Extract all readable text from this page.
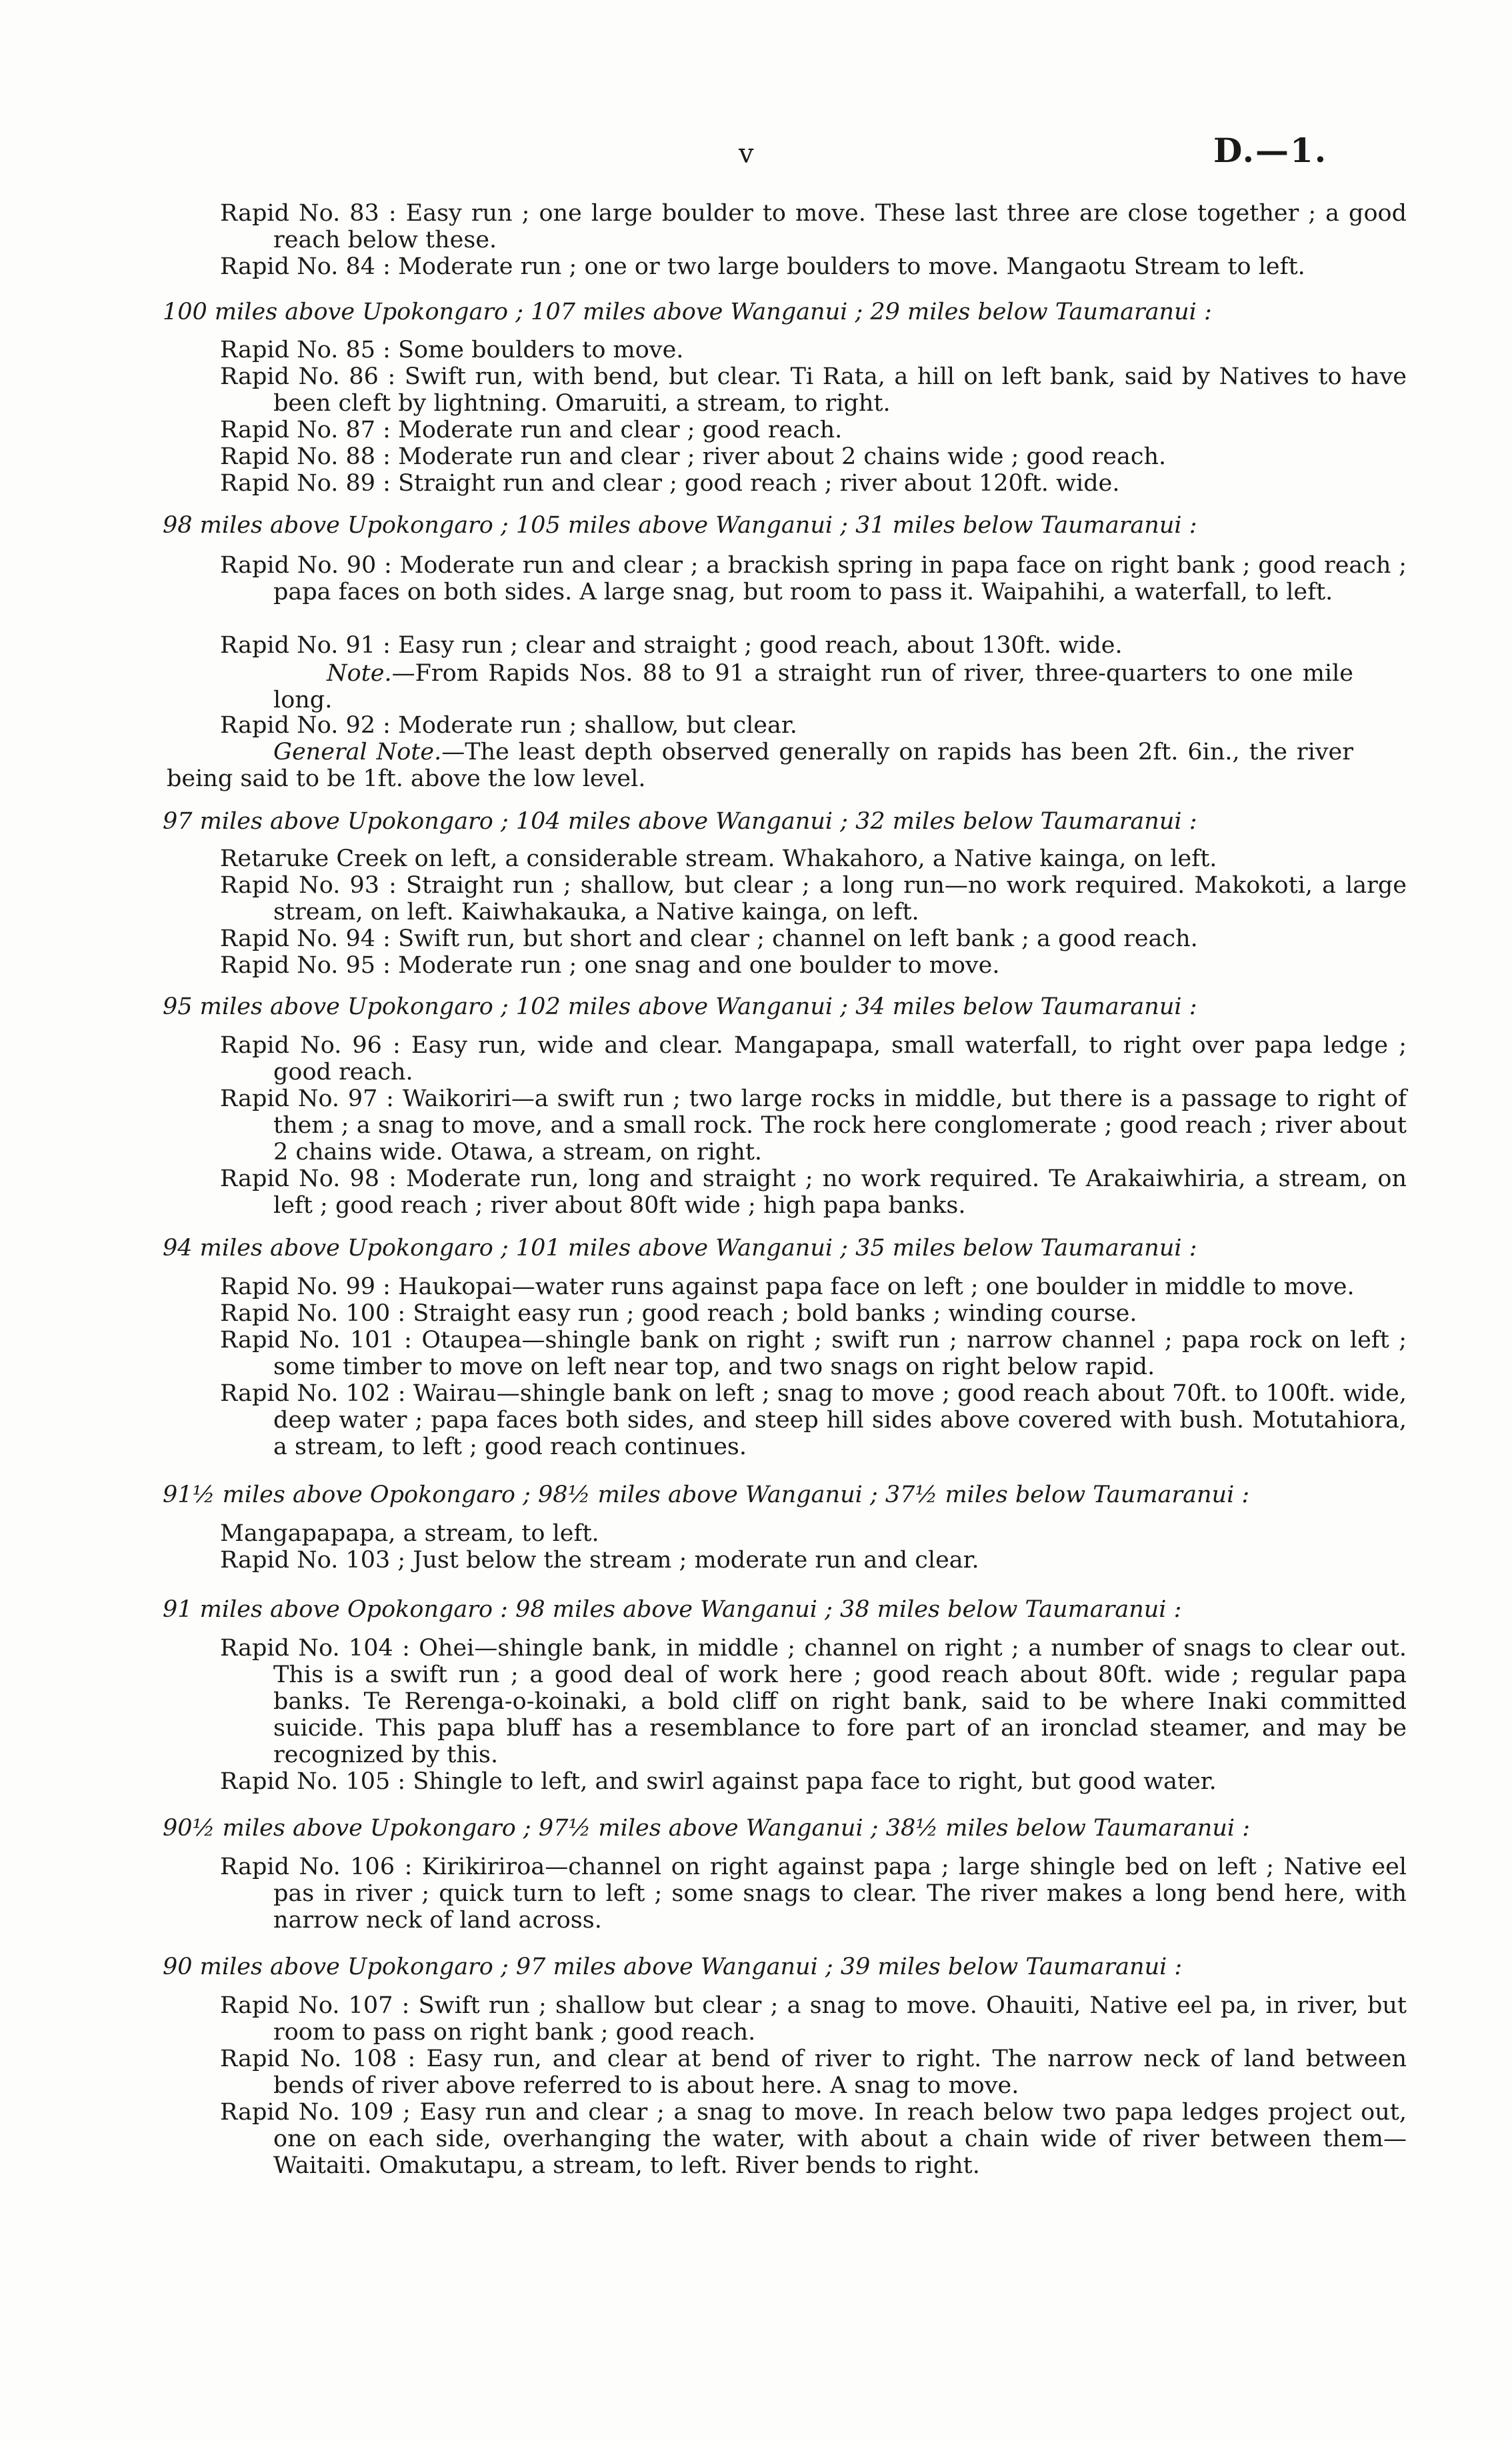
v	D.—1.
Rapid No. 83 : Easy run ; one large boulder to move. These last three are close together ; a good reach below these.
Rapid No. 84 : Moderate run ; one or two large boulders to move. Mangaotu Stream to left.
100 miles above Upokongaro ; 107 miles above Wanganui ; 29 miles below Taumaranui :
Rapid No. 85 : Some boulders to move.
Rapid No. 86 : Swift run, with bend, but clear. Ti Rata, a hill on left bank, said by Natives to have been cleft by lightning. Omaruiti, a stream, to right.
Rapid No. 87 : Moderate run and clear ; good reach.
Rapid No. 88 : Moderate run and clear ; river about 2 chains wide ; good reach.
Rapid No. 89 : Straight run and clear ; good reach ; river about 120ft. wide.
98 miles above Upokongaro ; 105 miles above Wanganui ; 31 miles below Taumaranui :
Rapid No. 90 : Moderate run and clear ; a brackish spring in papa face on right bank ; good reach ; papa faces on both sides. A large snag, but room to pass it. Waipahihi, a waterfall, to left.
Rapid No. 91 : Easy run ; clear and straight ; good reach, about 130ft. wide.
Note.—From Rapids Nos. 88 to 91 a straight run of river, three-quarters to one mile long.
Rapid No. 92 : Moderate run ; shallow, but clear.
General Note.—The least depth observed generally on rapids has been 2ft. 6in., the river being said to be 1ft. above the low level.
97 miles above Upokongaro ; 104 miles above Wanganui ; 32 miles below Taumaranui :
Retaruke Creek on left, a considerable stream. Whakahoro, a Native kainga, on left.
Rapid No. 93 : Straight run ; shallow, but clear ; a long run—no work required. Makokoti, a large stream, on left. Kaiwhakauka, a Native kainga, on left.
Rapid No. 94 : Swift run, but short and clear ; channel on left bank ; a good reach.
Rapid No. 95 : Moderate run ; one snag and one boulder to move.
95 miles above Upokongaro ; 102 miles above Wanganui ; 34 miles below Taumaranui :
Rapid No. 96 : Easy run, wide and clear. Mangapapa, small waterfall, to right over papa ledge ; good reach.
Rapid No. 97 : Waikoriri—a swift run ; two large rocks in middle, but there is a passage to right of them ; a snag to move, and a small rock. The rock here conglomerate ; good reach ; river about 2 chains wide. Otawa, a stream, on right.
Rapid No. 98 : Moderate run, long and straight ; no work required. Te Arakaiwhiria, a stream, on left ; good reach ; river about 80ft wide ; high papa banks.
94 miles above Upokongaro ; 101 miles above Wanganui ; 35 miles below Taumaranui :
Rapid No. 99 : Haukopai—water runs against papa face on left ; one boulder in middle to move.
Rapid No. 100 : Straight easy run ; good reach ; bold banks ; winding course.
Rapid No. 101 : Otaupea—shingle bank on right ; swift run ; narrow channel ; papa rock on left ; some timber to move on left near top, and two snags on right below rapid.
Rapid No. 102 : Wairau—shingle bank on left ; snag to move ; good reach about 70ft. to 100ft. wide, deep water ; papa faces both sides, and steep hill sides above covered with bush. Motutahiora, a stream, to left ; good reach continues.
91½ miles above Opokongaro ; 98½ miles above Wanganui ; 37½ miles below Taumaranui :
Mangapapapa, a stream, to left.
Rapid No. 103 ; Just below the stream ; moderate run and clear.
91 miles above Opokongaro : 98 miles above Wanganui ; 38 miles below Taumaranui :
Rapid No. 104 : Ohei—shingle bank, in middle ; channel on right ; a number of snags to clear out. This is a swift run ; a good deal of work here ; good reach about 80ft. wide ; regular papa banks. Te Rerenga-o-koinaki, a bold cliff on right bank, said to be where Inaki committed suicide. This papa bluff has a resemblance to fore part of an ironclad steamer, and may be recognized by this.
Rapid No. 105 : Shingle to left, and swirl against papa face to right, but good water.
90½ miles above Upokongaro ; 97½ miles above Wanganui ; 38½ miles below Taumaranui :
Rapid No. 106 : Kirikiriroa—channel on right against papa ; large shingle bed on left ; Native eel pas in river ; quick turn to left ; some snags to clear. The river makes a long bend here, with narrow neck of land across.
90 miles above Upokongaro ; 97 miles above Wanganui ; 39 miles below Taumaranui :
Rapid No. 107 : Swift run ; shallow but clear ; a snag to move. Ohauiti, Native eel pa, in river, but room to pass on right bank ; good reach.
Rapid No. 108 : Easy run, and clear at bend of river to right. The narrow neck of land between bends of river above referred to is about here. A snag to move.
Rapid No. 109 ; Easy run and clear ; a snag to move. In reach below two papa ledges project out, one on each side, overhanging the water, with about a chain wide of river between them—Waitaiti. Omakutapu, a stream, to left. River bends to right.
